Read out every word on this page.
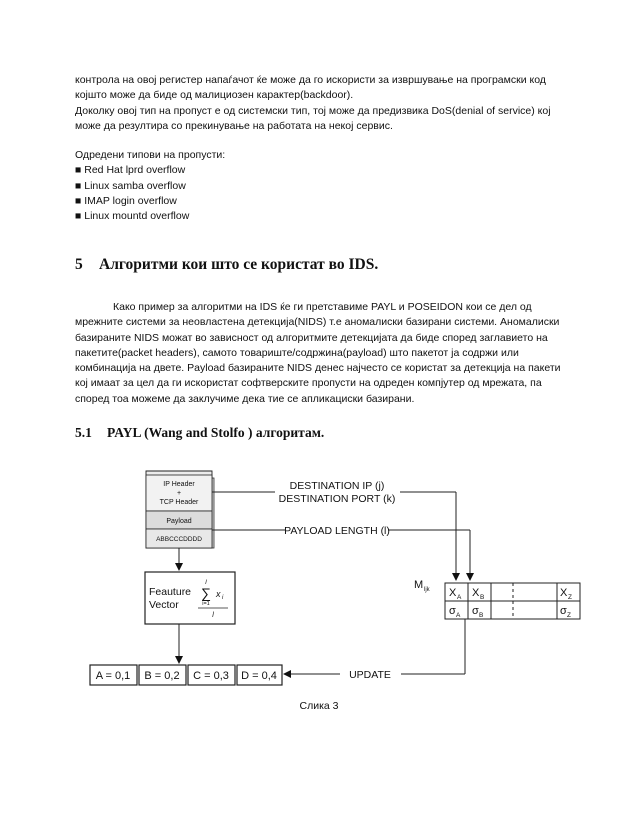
контрола на овој регистер напаѓачот ќе може да го искористи за извршување на програмски код
којшто може да биде од малициозен карактер(backdoor).
Доколку овој тип на пропуст е од системски тип, тој може да предизвика DoS(denial of service) кој
може да резултира со прекинување на работата на некој сервис.
Одредени типови на пропусти:
■ Red Hat lprd overflow
■ Linux samba overflow
■ IMAP login overflow
■ Linux mountd overflow
5 Алгоритми кои што се користат во IDS.
Како пример за алгоритми на IDS ќе ги претставиме PAYL и POSEIDON кои се дел од
мрежните системи за неовластена детекција(NIDS) т.е аномалиски базирани системи. Аномалиски
базираните NIDS можат во зависност од алгоритмите детекцијата да биде според заглавието на
пакетите(packet headers), самото товариште/содржина(payload) што пакетот ја содржи или
комбинација на двете. Payload базираните NIDS денес најчесто се користат за детекција на пакети
кој имаат за цел да ги искористат софтверските пропусти на одреден компјутер од мрежата, па
според тоа можеме да заклучиме дека тие се апликациски базирани.
5.1 PAYL (Wang and Stolfo ) алгоритам.
IP Header
+
TCP Header
Payload
ABBCCCDDDD
DESTINATION IP (j)
DESTINATION PORT (k)
PAYLOAD LENGTH (l)
Feauture
Vector
l
∑ x i
i=1
l
M ljk X A X B	X Z
σ A σ B	σ Z
UPDATE
A = 0,1 B = 0,2 C = 0,3 D = 0,4
Слика 3
